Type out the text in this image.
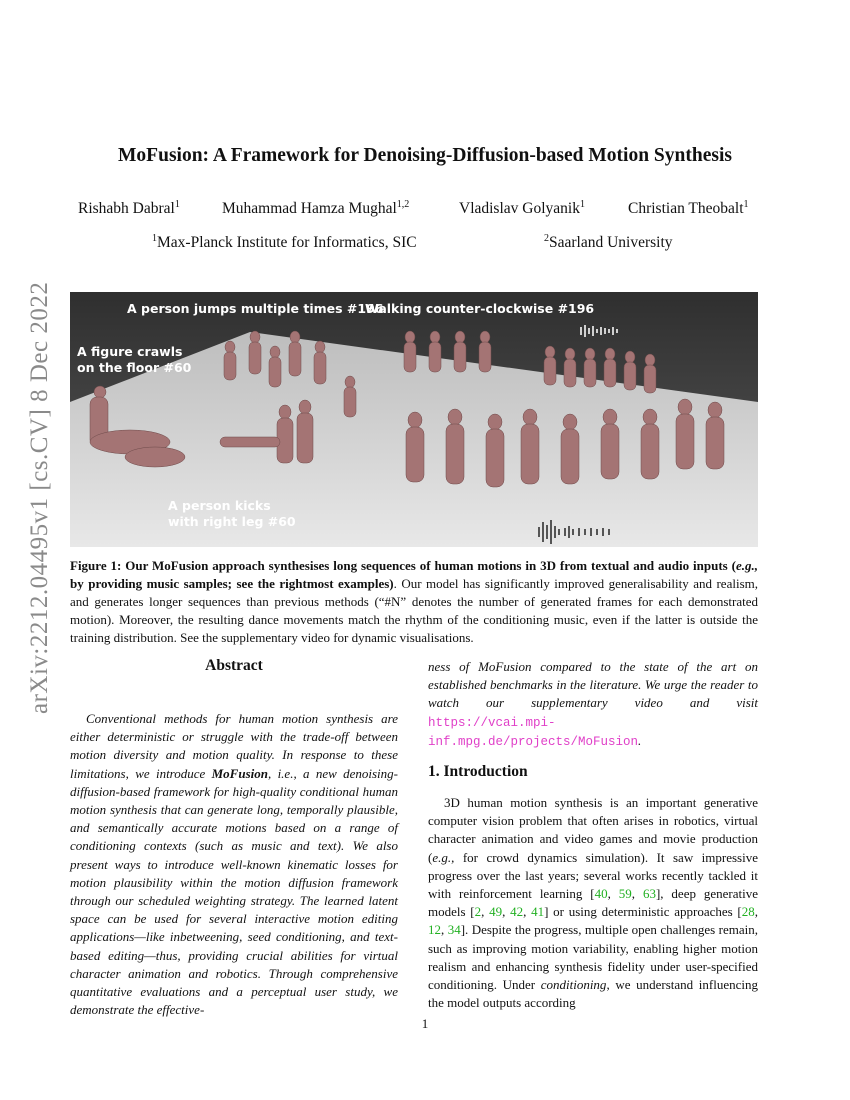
arXiv:2212.04495v1 [cs.CV] 8 Dec 2022
MoFusion: A Framework for Denoising-Diffusion-based Motion Synthesis
Rishabh Dabral$^1$	Muhammad Hamza Mughal$^{1,2}$	Vladislav Golyanik$^1$	Christian Theobalt$^1$
$^1$Max-Planck Institute for Informatics, SIC	$^2$Saarland University
A person jumps multiple times #196
Walking counter-clockwise #196
A figure crawls
on the floor #60
A person kicks
with right leg #60
Figure 1: Our MoFusion approach synthesises long sequences of human motions in 3D from textual and audio inputs (e.g., by providing music samples; see the rightmost examples). Our model has significantly improved generalisability and realism, and generates longer sequences than previous methods (“#N” denotes the number of generated frames for each demonstrated motion). Moreover, the resulting dance movements match the rhythm of the conditioning music, even if the latter is outside the training distribution. See the supplementary video for dynamic visualisations.
Abstract

Conventional methods for human motion synthesis are either deterministic or struggle with the trade-off between motion diversity and motion quality. In response to these limitations, we introduce MoFusion, i.e., a new denoising-diffusion-based framework for high-quality conditional human motion synthesis that can generate long, temporally plausible, and semantically accurate motions based on a range of conditioning contexts (such as music and text). We also present ways to introduce well-known kinematic losses for motion plausibility within the motion diffusion framework through our scheduled weighting strategy. The learned latent space can be used for several interactive motion editing applications—like inbetweening, seed conditioning, and text-based editing—thus, providing crucial abilities for virtual character animation and robotics. Through comprehensive quantitative evaluations and a perceptual user study, we demonstrate the effective-

ness of MoFusion compared to the state of the art on established benchmarks in the literature. We urge the reader to watch our supplementary video and visit https://vcai.mpi-inf.mpg.de/projects/MoFusion.

1. Introduction

3D human motion synthesis is an important generative computer vision problem that often arises in robotics, virtual character animation and video games and movie production (e.g., for crowd dynamics simulation). It saw impressive progress over the last years; several works recently tackled it with reinforcement learning [40, 59, 63], deep generative models [2, 49, 42, 41] or using deterministic approaches [28, 12, 34]. Despite the progress, multiple open challenges remain, such as improving motion variability, enabling higher motion realism and enhancing synthesis fidelity under user-specified conditioning. Under conditioning, we understand influencing the model outputs according

1
